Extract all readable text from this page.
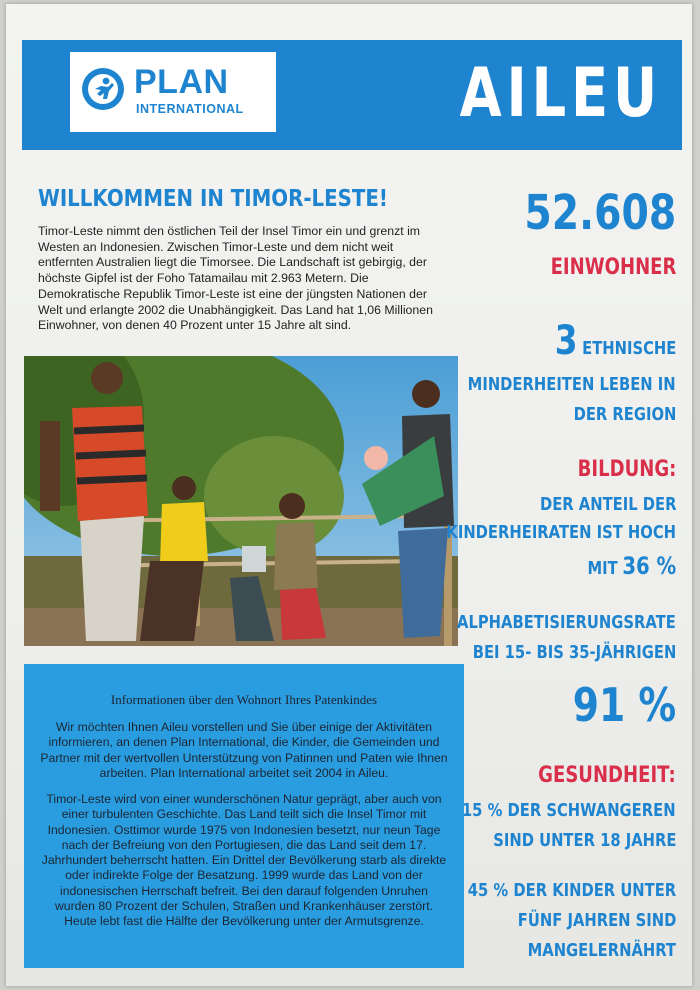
PLAN
INTERNATIONAL	AILEU
WILLKOMMEN IN TIMOR-LESTE!
Timor-Leste nimmt den östlichen Teil der Insel Timor ein und grenzt im Westen an Indonesien. Zwischen Timor-Leste und dem nicht weit entfernten Australien liegt die Timorsee. Die Landschaft ist gebirgig, der höchste Gipfel ist der Foho Tatamailau mit 2.963 Metern. Die Demokratische Republik Timor-Leste ist eine der jüngsten Nationen der Welt und erlangte 2002 die Unabhängigkeit. Das Land hat 1,06 Millionen Einwohner, von denen 40 Prozent unter 15 Jahre alt sind.
Informationen über den Wohnort Ihres Patenkindes
Wir möchten Ihnen Aileu vorstellen und Sie über einige der Aktivitäten informieren, an denen Plan International, die Kinder, die Gemeinden und Partner mit der wertvollen Unterstützung von Patinnen und Paten wie Ihnen arbeiten. Plan International arbeitet seit 2004 in Aileu.
Timor-Leste wird von einer wunderschönen Natur geprägt, aber auch von einer turbulenten Geschichte. Das Land teilt sich die Insel Timor mit Indonesien. Osttimor wurde 1975 von Indonesien besetzt, nur neun Tage nach der Befreiung von den Portugiesen, die das Land seit dem 17. Jahrhundert beherrscht hatten. Ein Drittel der Bevölkerung starb als direkte oder indirekte Folge der Besatzung. 1999 wurde das Land von der indonesischen Herrschaft befreit. Bei den darauf folgenden Unruhen wurden 80 Prozent der Schulen, Straßen und Krankenhäuser zerstört. Heute lebt fast die Hälfte der Bevölkerung unter der Armutsgrenze.
52.608
EINWOHNER
3 ETHNISCHE
MINDERHEITEN LEBEN IN
DER REGION
BILDUNG:
DER ANTEIL DER
KINDERHEIRATEN IST HOCH
MIT 36 %
ALPHABETISIERUNGSRATE
BEI 15- BIS 35-JÄHRIGEN
91 %
GESUNDHEIT:
15 % DER SCHWANGEREN
SIND UNTER 18 JAHRE
45 % DER KINDER UNTER
FÜNF JAHREN SIND
MANGELERNÄHRT
